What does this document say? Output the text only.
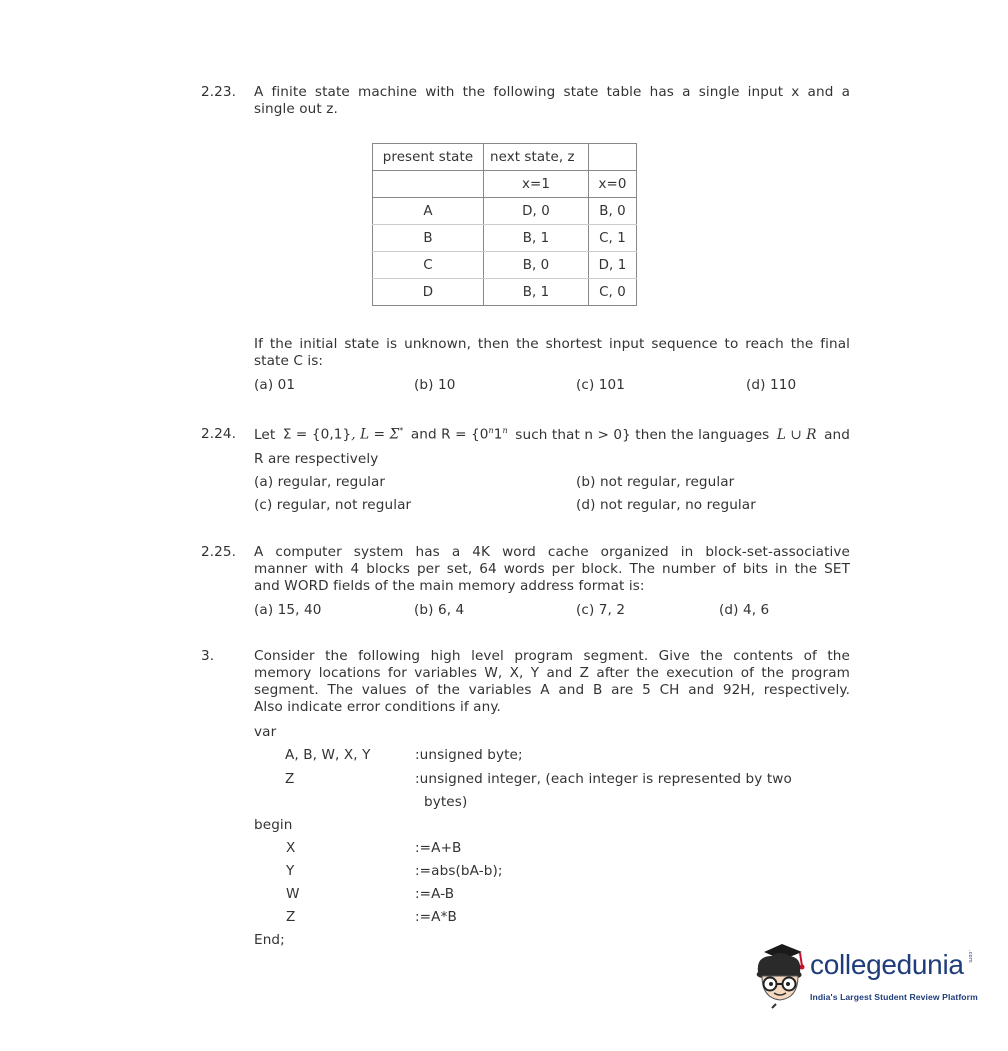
2.23. A finite state machine with the following state table has a single input x and a
single out z.
present state	next state, z	
	x=1	x=0
A	D, 0	B, 0
B	B, 1	C, 1
C	B, 0	D, 1
D	B, 1	C, 0
If the initial state is unknown, then the shortest input sequence to reach the final
state C is:
(a) 01	(b) 10	(c) 101	(d) 110
2.24. Let Σ = {0,1}, L = Σ* and $R = \{0^n1^n$ such that n > 0} then the languages L ∪ R and
R are respectively
(a) regular, regular	(b) not regular, regular
(c) regular, not regular	(d) not regular, no regular
2.25. A computer system has a 4K word cache organized in block-set-associative
manner with 4 blocks per set, 64 words per block. The number of bits in the SET
and WORD fields of the main memory address format is:
(a) 15, 40	(b) 6, 4	(c) 7, 2	(d) 4, 6
3.	Consider the following high level program segment. Give the contents of the
memory locations for variables W, X, Y and Z after the execution of the program
segment. The values of the variables A and B are 5 CH and 92H, respectively.
Also indicate error conditions if any.
var
A, B, W, X, Y	:unsigned byte;
Z	:unsigned integer, (each integer is represented by two
bytes)
begin
X	:=A+B
Y	:=abs(bA-b);
W	:=A-B
Z	:=A*B
End;
collegedunia .com
India's Largest Student Review Platform
